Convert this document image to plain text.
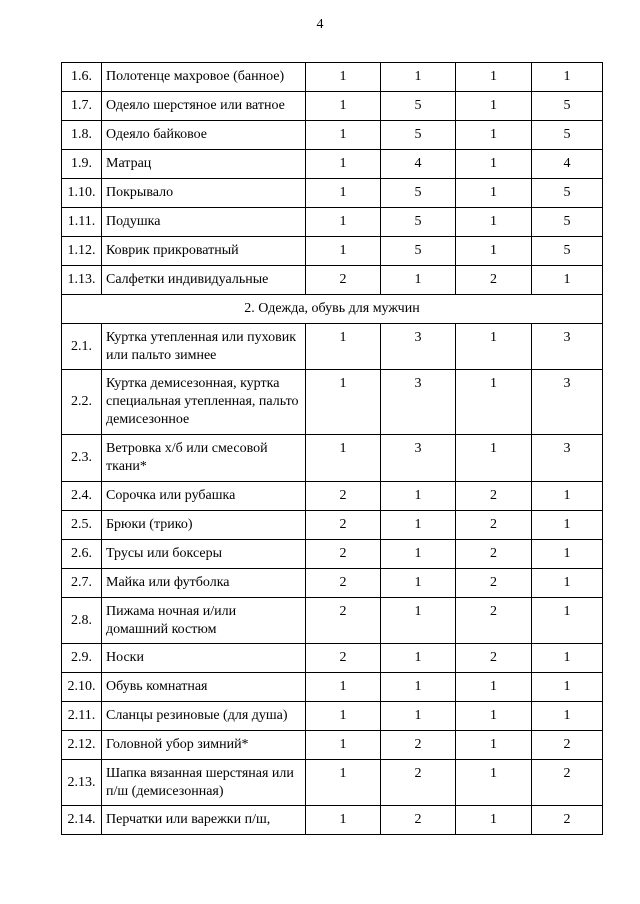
4
1.6.	Полотенце махровое (банное)	1	1	1	1
1.7.	Одеяло шерстяное или ватное	1	5	1	5
1.8.	Одеяло байковое	1	5	1	5
1.9.	Матрац	1	4	1	4
1.10.	Покрывало	1	5	1	5
1.11.	Подушка	1	5	1	5
1.12.	Коврик прикроватный	1	5	1	5
1.13.	Салфетки индивидуальные	2	1	2	1
2. Одежда, обувь для мужчин					
2.1.	Куртка утепленная или пуховик или пальто зимнее	1	3	1	3
2.2.	Куртка демисезонная, куртка специальная утепленная, пальто демисезонное	1	3	1	3
2.3.	Ветровка х/б или смесовой ткани*	1	3	1	3
2.4.	Сорочка или рубашка	2	1	2	1
2.5.	Брюки (трико)	2	1	2	1
2.6.	Трусы или боксеры	2	1	2	1
2.7.	Майка или футболка	2	1	2	1
2.8.	Пижама ночная и/или домашний костюм	2	1	2	1
2.9.	Носки	2	1	2	1
2.10.	Обувь комнатная	1	1	1	1
2.11.	Сланцы резиновые (для душа)	1	1	1	1
2.12.	Головной убор зимний*	1	2	1	2
2.13.	Шапка вязанная шерстяная или п/ш (демисезонная)	1	2	1	2
2.14.	Перчатки или варежки п/ш,	1	2	1	2
